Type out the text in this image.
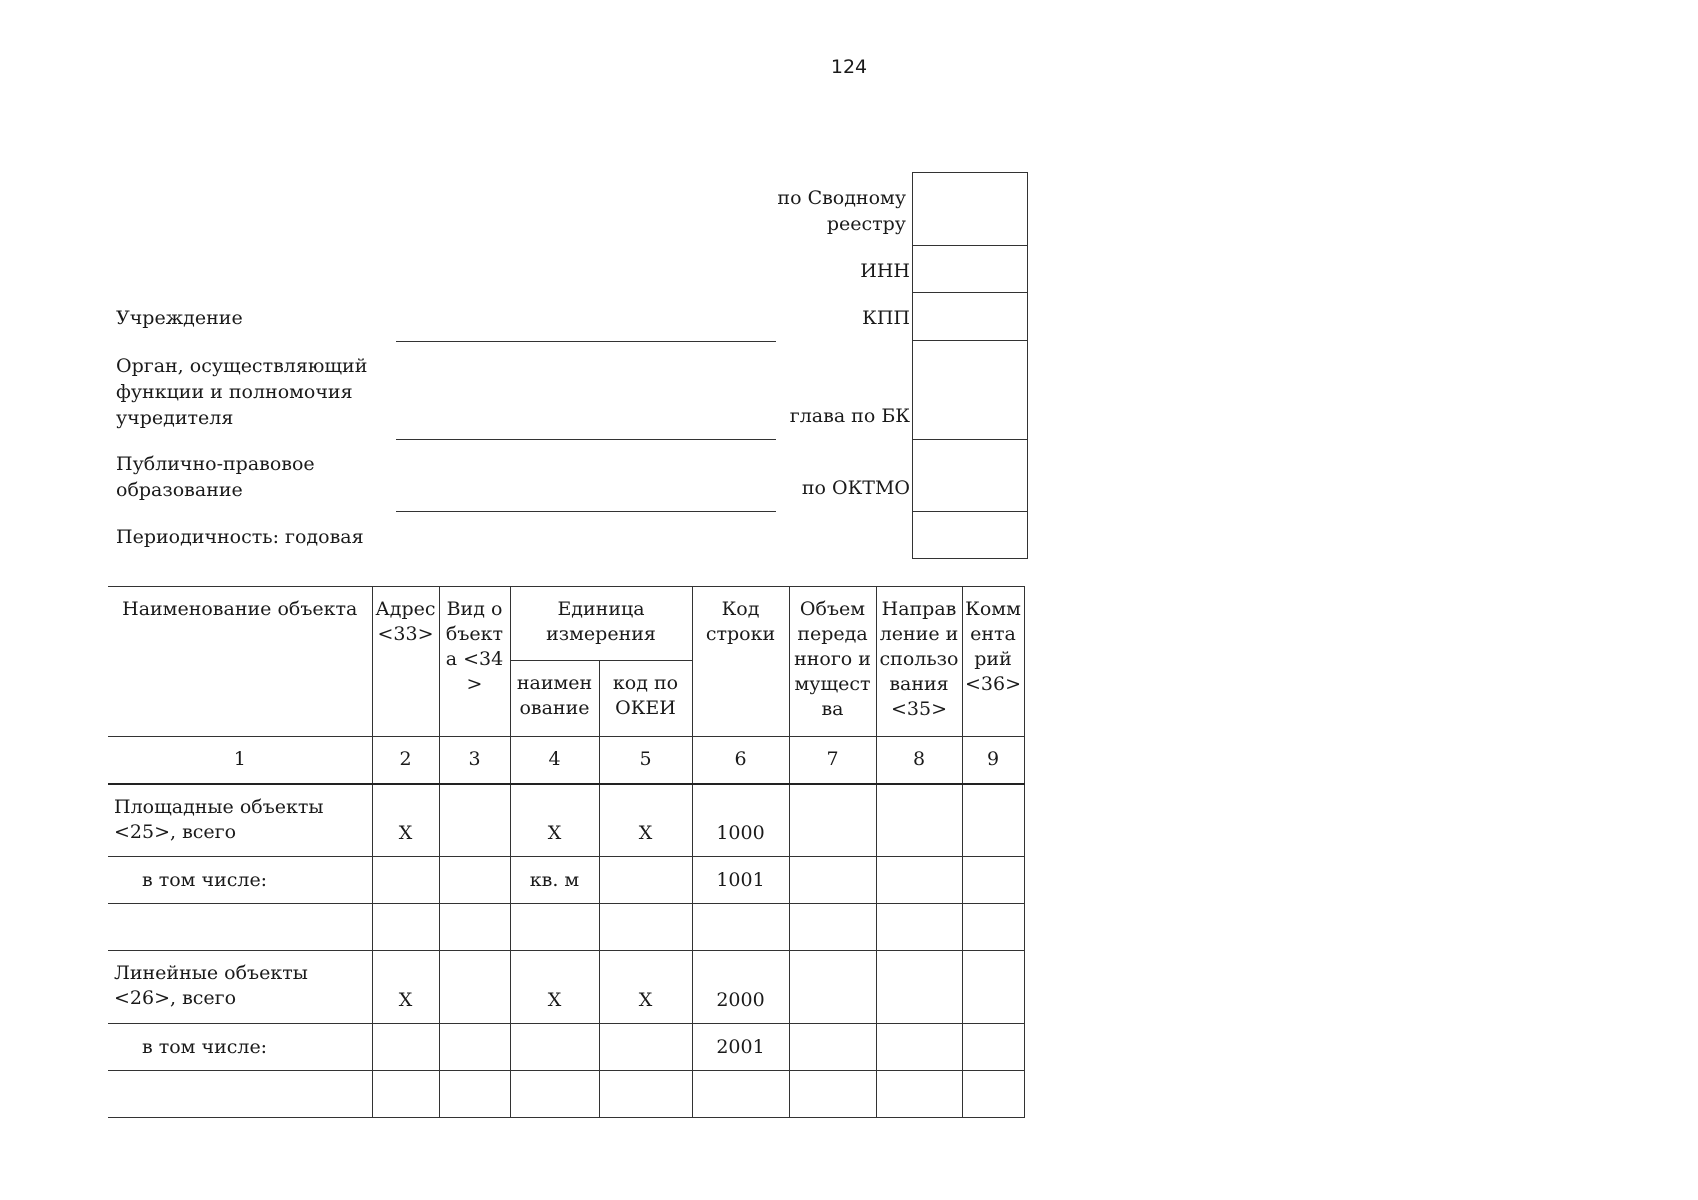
124
Учреждение
Орган, осуществляющий функции и полномочия учредителя
Публично-правовое образование
Периодичность: годовая
по Сводному реестру
ИНН
КПП
глава по БК
по ОКТМО
Наименование объекта	Адрес <33>	Вид объекта <34>	Единица измерения		Код строки	Объем переданного имущества	Направление использования <35>	Комментарий <36>
			наименование	код по ОКЕИ				
1	2	3	4	5	6	7	8	9
Площадные объекты <25>, всего	Х		Х	Х	1000			
в том числе:			кв. м		1001			

Линейные объекты <26>, всего	Х		Х	Х	2000			
в том числе:					2001			
